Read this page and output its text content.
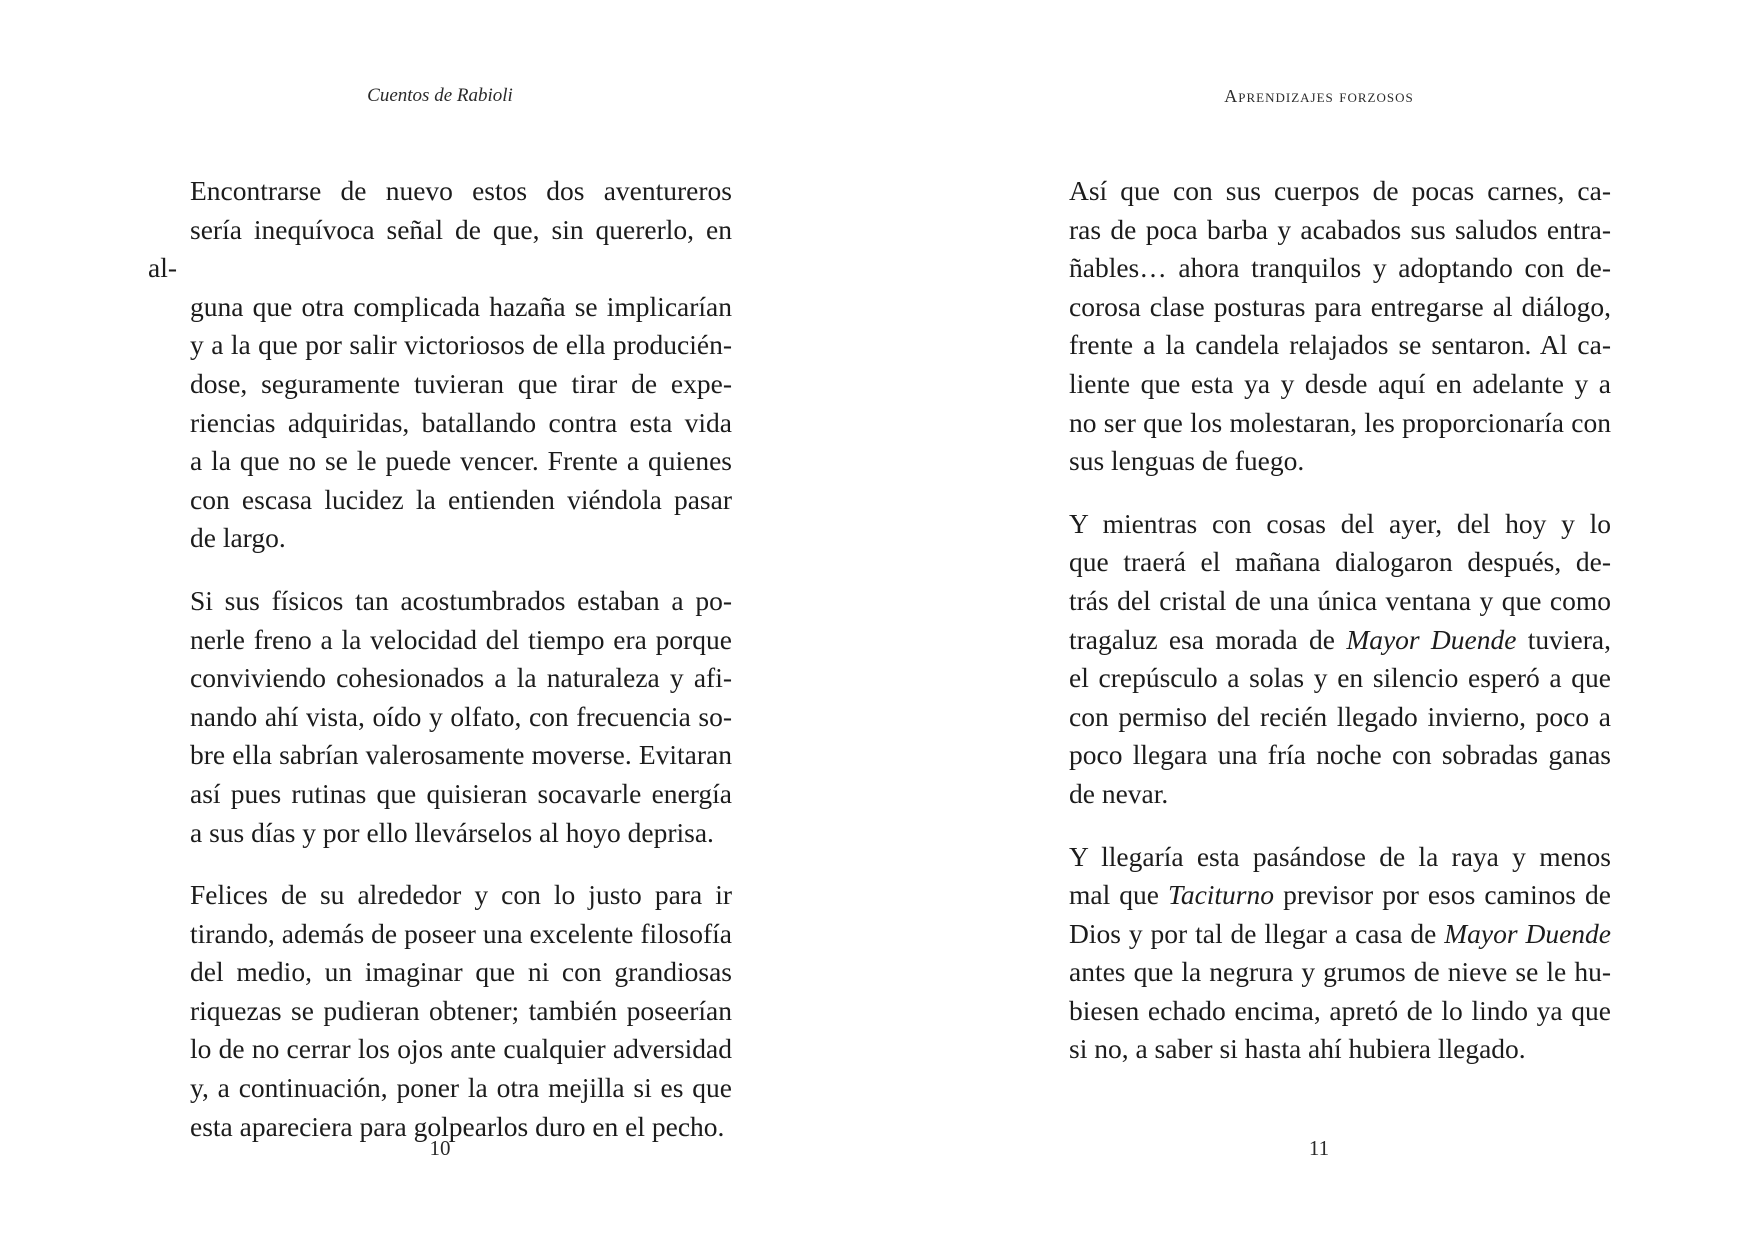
Cuentos de Rabioli

Encontrarse de nuevo estos dos aventureros
sería inequívoca señal de que, sin quererlo, en al-
guna que otra complicada hazaña se implicarían
y a la que por salir victoriosos de ella producién-
dose, seguramente tuvieran que tirar de expe-
riencias adquiridas, batallando contra esta vida
a la que no se le puede vencer. Frente a quienes
con escasa lucidez la entienden viéndola pasar
de largo.

Si sus físicos tan acostumbrados estaban a po-
nerle freno a la velocidad del tiempo era porque
conviviendo cohesionados a la naturaleza y afi-
nando ahí vista, oído y olfato, con frecuencia so-
bre ella sabrían valerosamente moverse. Evitaran
así pues rutinas que quisieran socavarle energía
a sus días y por ello llevárselos al hoyo deprisa.

Felices de su alrededor y con lo justo para ir
tirando, además de poseer una excelente filosofía
del medio, un imaginar que ni con grandiosas
riquezas se pudieran obtener; también poseerían
lo de no cerrar los ojos ante cualquier adversidad
y, a continuación, poner la otra mejilla si es que
esta apareciera para golpearlos duro en el pecho.

10
Aprendizajes forzosos

Así que con sus cuerpos de pocas carnes, ca-
ras de poca barba y acabados sus saludos entra-
ñables… ahora tranquilos y adoptando con de-
corosa clase posturas para entregarse al diálogo,
frente a la candela relajados se sentaron. Al ca-
liente que esta ya y desde aquí en adelante y a
no ser que los molestaran, les proporcionaría con
sus lenguas de fuego.

Y mientras con cosas del ayer, del hoy y lo
que traerá el mañana dialogaron después, de-
trás del cristal de una única ventana y que como
tragaluz esa morada de Mayor Duende tuviera,
el crepúsculo a solas y en silencio esperó a que
con permiso del recién llegado invierno, poco a
poco llegara una fría noche con sobradas ganas
de nevar.

Y llegaría esta pasándose de la raya y menos
mal que Taciturno previsor por esos caminos de
Dios y por tal de llegar a casa de Mayor Duende
antes que la negrura y grumos de nieve se le hu-
biesen echado encima, apretó de lo lindo ya que
si no, a saber si hasta ahí hubiera llegado.

11
